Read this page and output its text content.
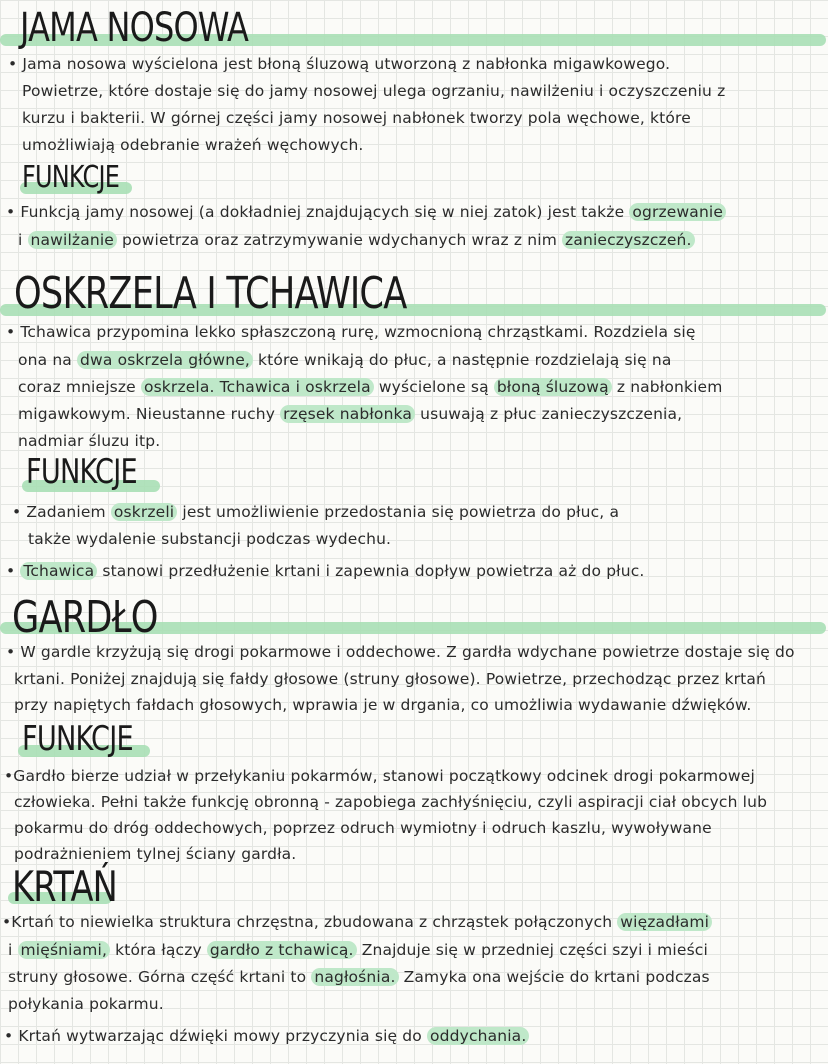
JAMA NOSOWA
• Jama nosowa wyścielona jest błoną śluzową utworzoną z nabłonka migawkowego.
Powietrze, które dostaje się do jamy nosowej ulega ogrzaniu, nawilżeniu i oczyszczeniu z
kurzu i bakterii. W górnej części jamy nosowej nabłonek tworzy pola węchowe, które
umożliwiają odebranie wrażeń węchowych.
FUNKCJE
• Funkcją jamy nosowej (a dokładniej znajdujących się w niej zatok) jest także ogrzewanie
i nawilżanie powietrza oraz zatrzymywanie wdychanych wraz z nim zanieczyszczeń.
OSKRZELA I TCHAWICA
• Tchawica przypomina lekko spłaszczoną rurę, wzmocnioną chrząstkami. Rozdziela się
ona na dwa oskrzela główne, które wnikają do płuc, a następnie rozdzielają się na
coraz mniejsze oskrzela. Tchawica i oskrzela wyścielone są błoną śluzową z nabłonkiem
migawkowym. Nieustanne ruchy rzęsek nabłonka usuwają z płuc zanieczyszczenia,
nadmiar śluzu itp.
FUNKCJE
• Zadaniem oskrzeli jest umożliwienie przedostania się powietrza do płuc, a
także wydalenie substancji podczas wydechu.
• Tchawica stanowi przedłużenie krtani i zapewnia dopływ powietrza aż do płuc.
GARDŁO
• W gardle krzyżują się drogi pokarmowe i oddechowe. Z gardła wdychane powietrze dostaje się do
krtani. Poniżej znajdują się fałdy głosowe (struny głosowe). Powietrze, przechodząc przez krtań
przy napiętych fałdach głosowych, wprawia je w drgania, co umożliwia wydawanie dźwięków.
FUNKCJE
•Gardło bierze udział w przełykaniu pokarmów, stanowi początkowy odcinek drogi pokarmowej
człowieka. Pełni także funkcję obronną - zapobiega zachłyśnięciu, czyli aspiracji ciał obcych lub
pokarmu do dróg oddechowych, poprzez odruch wymiotny i odruch kaszlu, wywoływane
podrażnieniem tylnej ściany gardła.
KRTAŃ
•Krtań to niewielka struktura chrzęstna, zbudowana z chrząstek połączonych więzadłami
i mięśniami, która łączy gardło z tchawicą. Znajduje się w przedniej części szyi i mieści
struny głosowe. Górna część krtani to nagłośnia. Zamyka ona wejście do krtani podczas
połykania pokarmu.
• Krtań wytwarzając dźwięki mowy przyczynia się do oddychania.
